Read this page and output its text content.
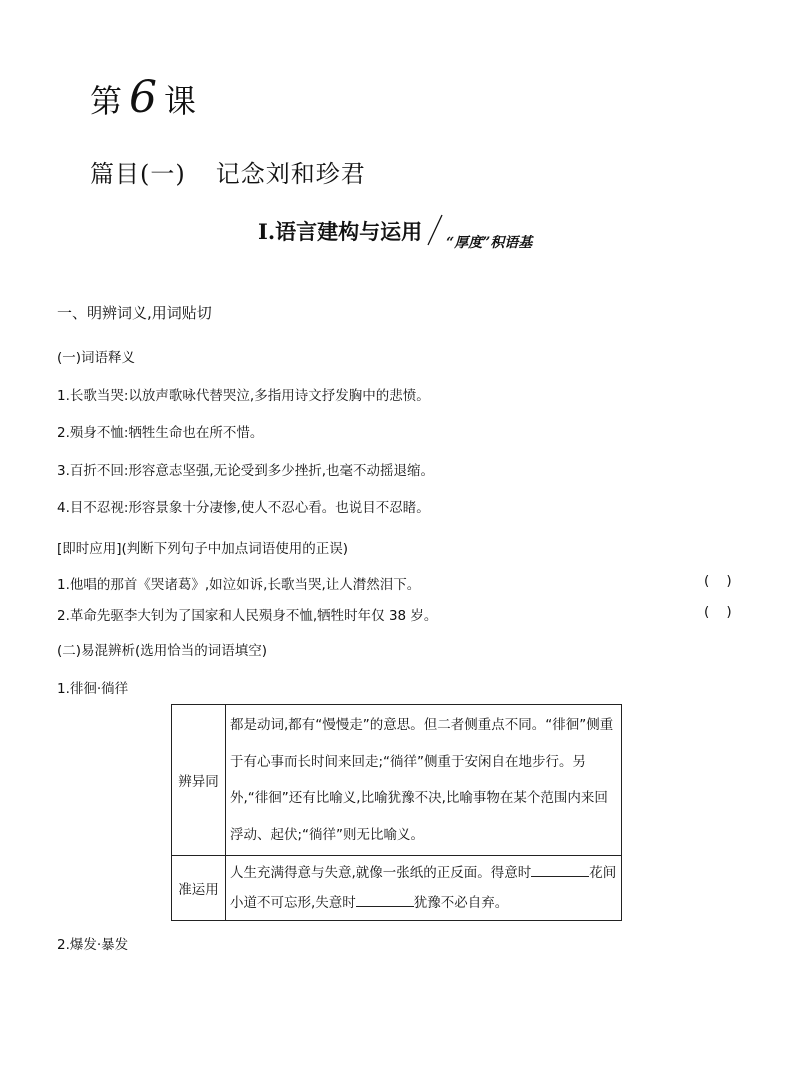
第 6 课
篇目(一) 记念刘和珍君
Ⅰ.语言建构与运用 “厚度”积语基
一、明辨词义,用词贴切
(一)词语释义
1.长歌当哭:以放声歌咏代替哭泣,多指用诗文抒发胸中的悲愤。
2.殒身不恤:牺牲生命也在所不惜。
3.百折不回:形容意志坚强,无论受到多少挫折,也毫不动摇退缩。
4.目不忍视:形容景象十分凄惨,使人不忍心看。也说目不忍睹。
[即时应用](判断下列句子中加点词语使用的正误)
1.他唱的那首《哭诸葛》,如泣如诉,长歌当哭,让人潸然泪下。	(    )
2.革命先驱李大钊为了国家和人民殒身不恤,牺牲时年仅 38 岁。	(    )
(二)易混辨析(选用恰当的词语填空)
1.徘徊·徜徉
辨异同	都是动词,都有“慢慢走”的意思。但二者侧重点不同。“徘徊”侧重于有心事而长时间来回走;“徜徉”侧重于安闲自在地步行。另外,“徘徊”还有比喻义,比喻犹豫不决,比喻事物在某个范围内来回浮动、起伏;“徜徉”则无比喻义。
准运用	人生充满得意与失意,就像一张纸的正反面。得意时 花间小道不可忘形,失意时 犹豫不必自弃。
2.爆发·暴发
